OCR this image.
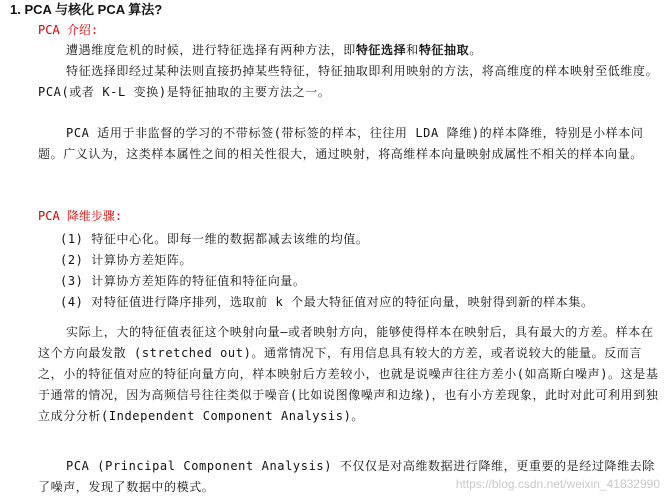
1. PCA 与核化 PCA 算法?
PCA 介绍:
遭遇维度危机的时候，进行特征选择有两种方法，即特征选择和特征抽取。
特征选择即经过某种法则直接扔掉某些特征，特征抽取即利用映射的方法，将高维度的样本映射至低维度。PCA(或者 K-L 变换)是特征抽取的主要方法之一。
PCA 适用于非监督的学习的不带标签(带标签的样本，往往用 LDA 降维)的样本降维，特别是小样本问题。广义认为，这类样本属性之间的相关性很大，通过映射，将高维样本向量映射成属性不相关的样本向量。
PCA 降维步骤:
(1) 特征中心化。即每一维的数据都减去该维的均值。
(2) 计算协方差矩阵。
(3) 计算协方差矩阵的特征值和特征向量。
(4) 对特征值进行降序排列，选取前 k 个最大特征值对应的特征向量，映射得到新的样本集。
实际上，大的特征值表征这个映射向量—或者映射方向，能够使得样本在映射后，具有最大的方差。样本在这个方向最发散 (stretched out)。通常情况下，有用信息具有较大的方差，或者说较大的能量。反而言之，小的特征值对应的特征向量方向，样本映射后方差较小，也就是说噪声往往方差小(如高斯白噪声)。这是基于通常的情况，因为高频信号往往类似于噪音(比如说图像噪声和边缘)，也有小方差现象，此时对此可利用到独立成分分析(Independent Component Analysis)。
PCA (Principal Component Analysis) 不仅仅是对高维数据进行降维，更重要的是经过降维去除了噪声，发现了数据中的模式。	https://blog.csdn.net/weixin_41832990
